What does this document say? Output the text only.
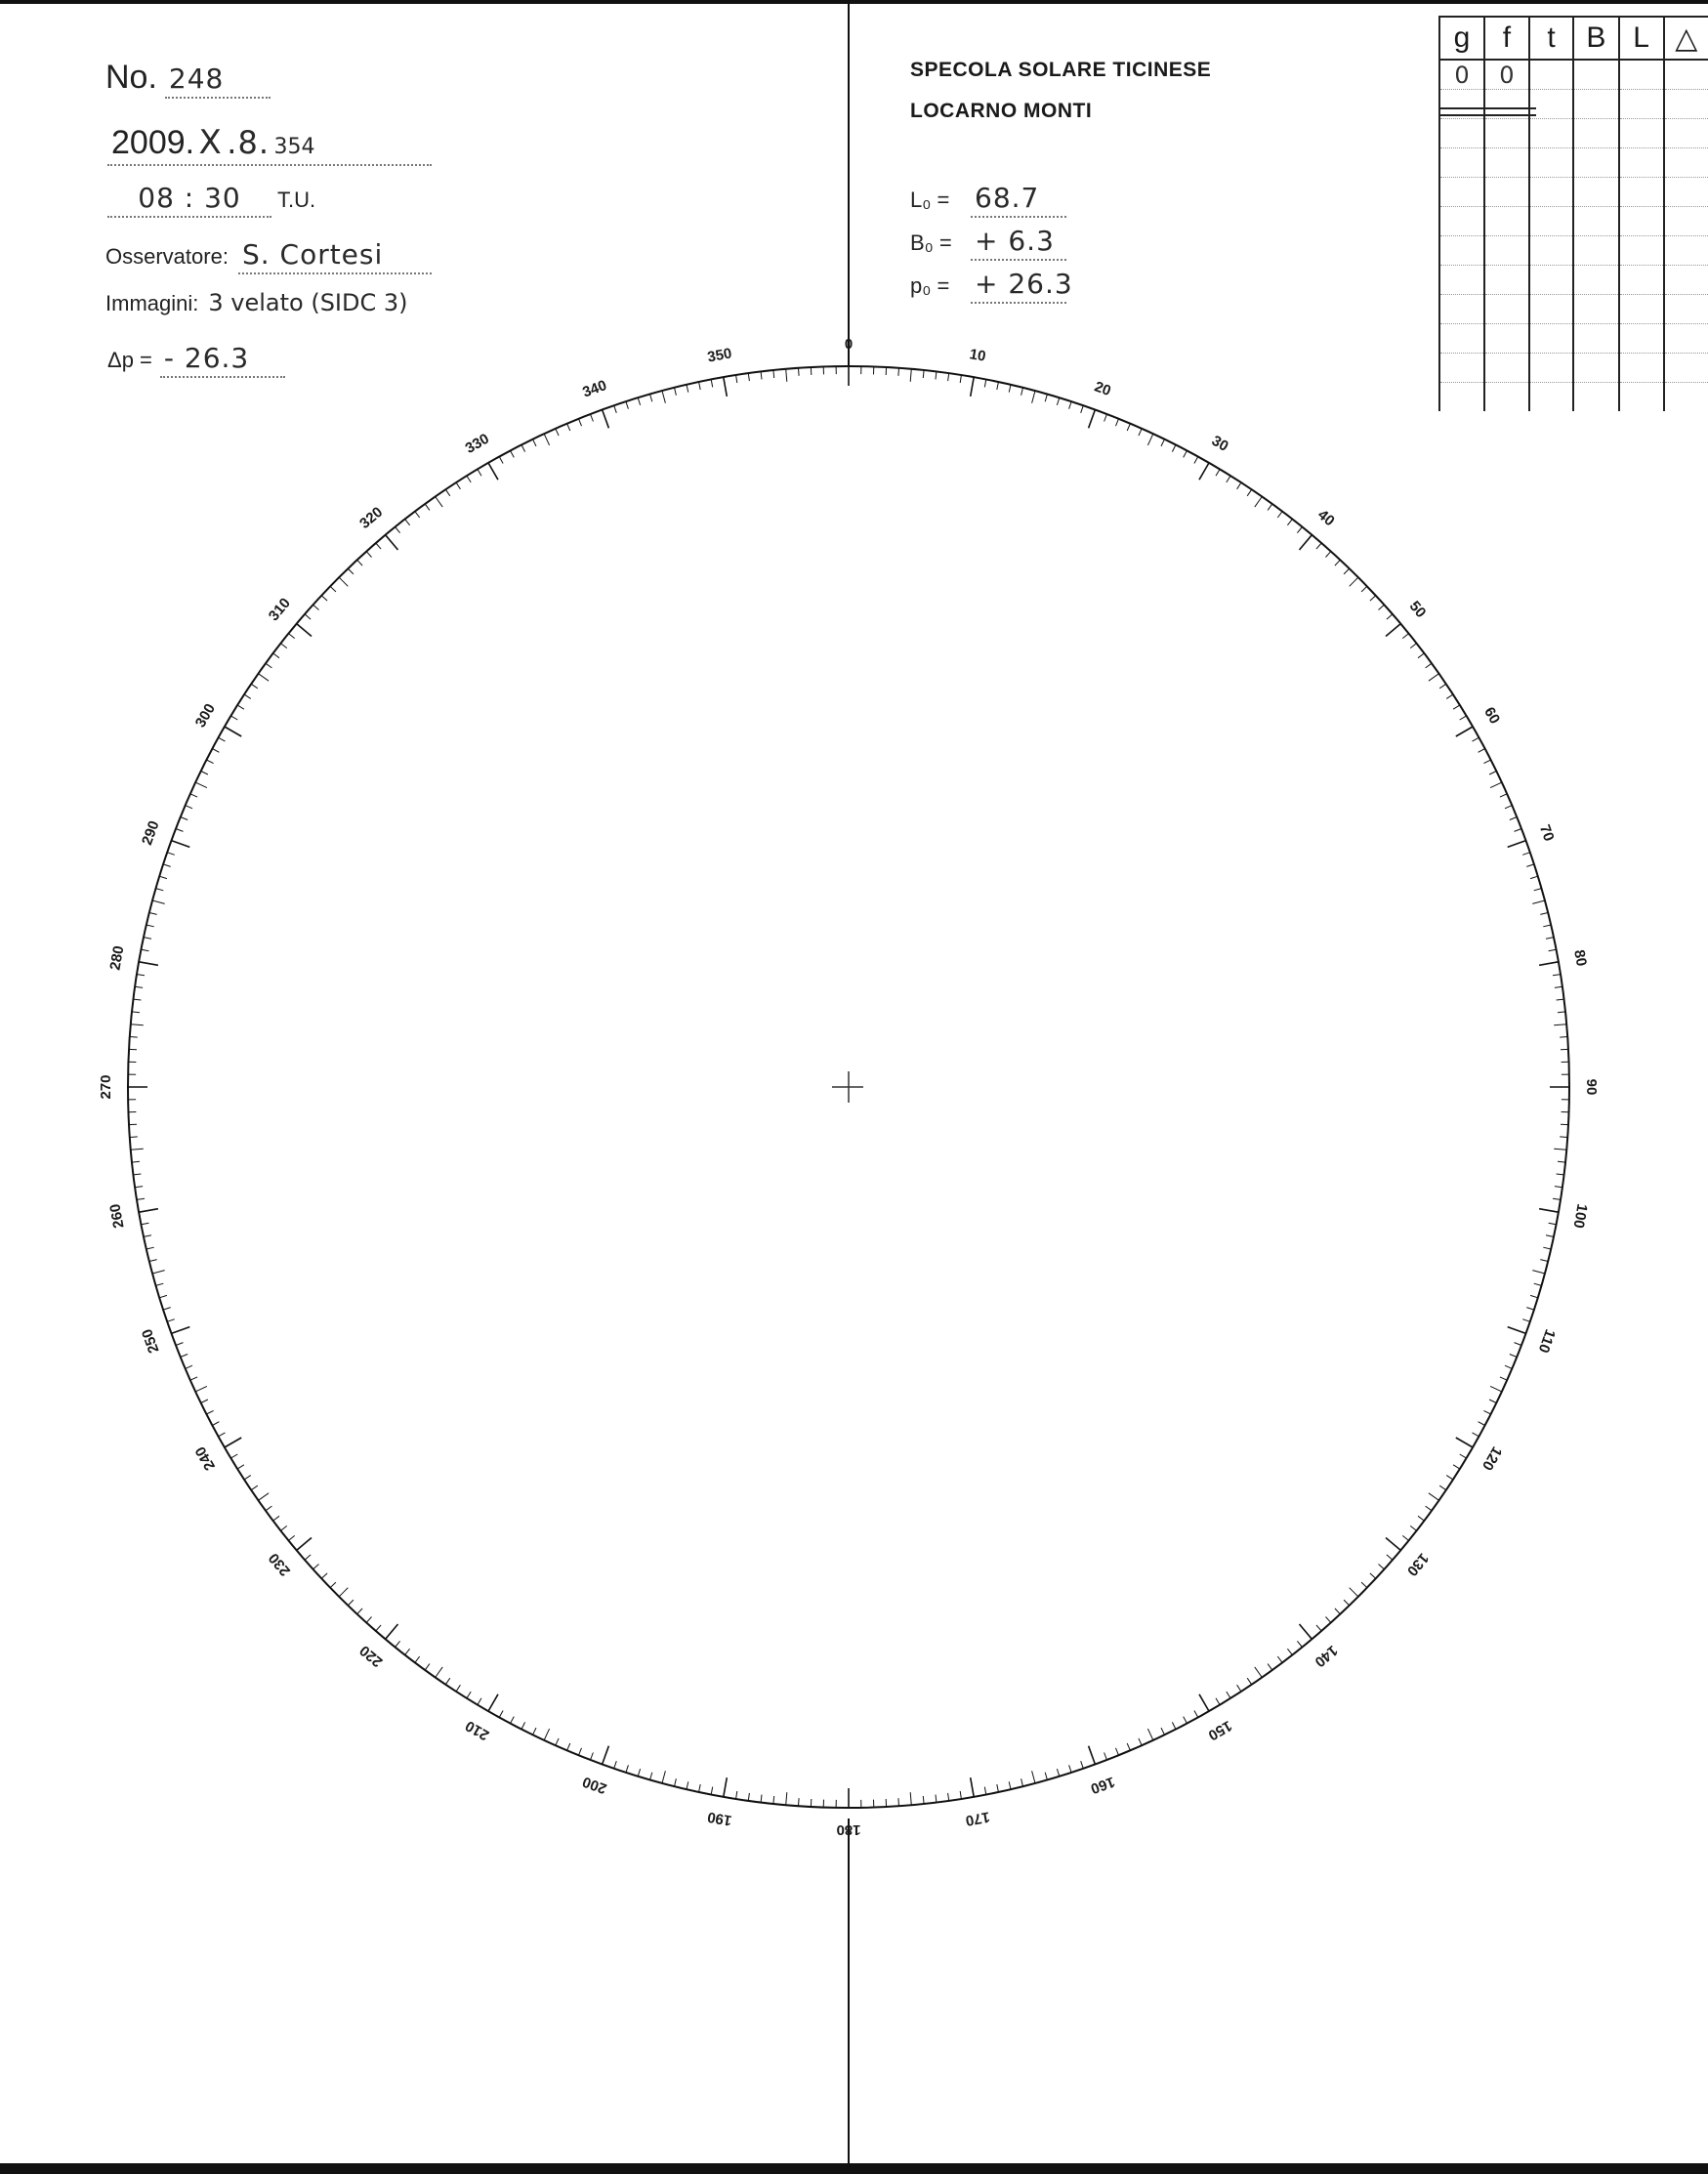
No. 248
2009. X .8. 354
08 : 30	T.U.
Osservatore: S. Cortesi
Immagini: 3 velato (SIDC 3)
Δp = - 26.3
SPECOLA SOLARE TICINESE
LOCARNO MONTI
L₀ = 68.7
B₀ = + 6.3
p₀ = + 26.3
g	f	t	B	L	△
0	0				

0
10
20
30
40
50
60
70
80
90
100
110
120
130
140
150
160
170
180
190
200
210
220
230
240
250
260
270
280
290
300
310
320
330
340
350
